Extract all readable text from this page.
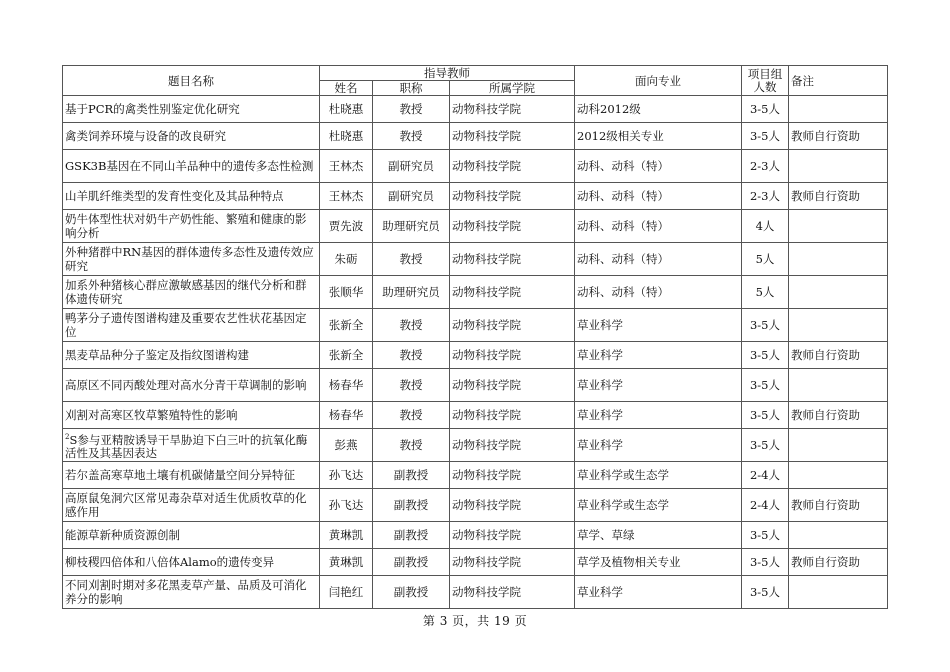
题目名称	指导教师			面向专业	项目组人数	备注
	姓名	职称	所属学院			
基于PCR的禽类性别鉴定优化研究	杜晓惠	教授	动物科技学院	动科2012级	3-5人	
禽类饲养环境与设备的改良研究	杜晓惠	教授	动物科技学院	2012级相关专业	3-5人	教师自行资助
GSK3B基因在不同山羊品种中的遗传多态性检测	王林杰	副研究员	动物科技学院	动科、动科（特）	2-3人	
山羊肌纤维类型的发育性变化及其品种特点	王林杰	副研究员	动物科技学院	动科、动科（特）	2-3人	教师自行资助
奶牛体型性状对奶牛产奶性能、繁殖和健康的影响分析	贾先波	助理研究员	动物科技学院	动科、动科（特）	4人	
外种猪群中RN基因的群体遗传多态性及遗传效应研究	朱砺	教授	动物科技学院	动科、动科（特）	5人	
加系外种猪核心群应激敏感基因的继代分析和群体遗传研究	张顺华	助理研究员	动物科技学院	动科、动科（特）	5人	
鸭茅分子遗传图谱构建及重要农艺性状花基因定位	张新全	教授	动物科技学院	草业科学	3-5人	
黑麦草品种分子鉴定及指纹图谱构建	张新全	教授	动物科技学院	草业科学	3-5人	教师自行资助
高原区不同丙酸处理对高水分青干草调制的影响	杨春华	教授	动物科技学院	草业科学	3-5人	
刈割对高寒区牧草繁殖特性的影响	杨春华	教授	动物科技学院	草业科学	3-5人	教师自行资助
$^2$S参与亚精胺诱导干旱胁迫下白三叶的抗氧化酶活性及其基因表达	彭燕	教授	动物科技学院	草业科学	3-5人	
若尔盖高寒草地土壤有机碳储量空间分异特征	孙飞达	副教授	动物科技学院	草业科学或生态学	2-4人	
高原鼠兔洞穴区常见毒杂草对适生优质牧草的化感作用	孙飞达	副教授	动物科技学院	草业科学或生态学	2-4人	教师自行资助
能源草新种质资源创制	黄琳凯	副教授	动物科技学院	草学、草绿	3-5人	
柳枝稷四倍体和八倍体Alamo的遗传变异	黄琳凯	副教授	动物科技学院	草学及植物相关专业	3-5人	教师自行资助
不同刈割时期对多花黑麦草产量、品质及可消化养分的影响	闫艳红	副教授	动物科技学院	草业科学	3-5人	
第 3 页，共 19 页
